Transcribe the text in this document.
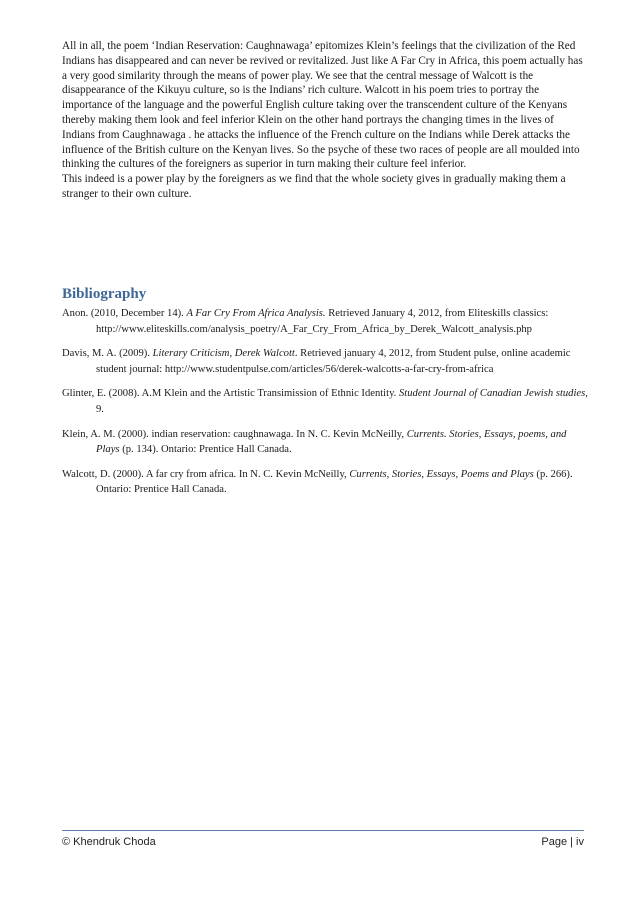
All in all, the poem ‘Indian Reservation: Caughnawaga’ epitomizes Klein’s feelings that the civilization of the Red Indians has disappeared and can never be revived or revitalized. Just like A Far Cry in Africa, this poem actually has a very good similarity through the means of power play. We see that the central message of Walcott is the disappearance of the Kikuyu culture, so is the Indians’ rich culture. Walcott in his poem tries to portray the importance of the language and the powerful English culture taking over the transcendent culture of the Kenyans thereby making them look and feel inferior Klein on the other hand portrays the changing times in the lives of Indians from Caughnawaga . he attacks the influence of the French culture on the Indians while Derek attacks the influence of the British culture on the Kenyan lives. So the psyche of these two races of people are all moulded into thinking the cultures of the foreigners as superior in turn making their culture feel inferior.

This indeed is a power play by the foreigners as we find that the whole society gives in gradually making them a stranger to their own culture.

Bibliography

Anon. (2010, December 14). A Far Cry From Africa Analysis. Retrieved January 4, 2012, from Eliteskills classics: http://www.eliteskills.com/analysis_poetry/A_Far_Cry_From_Africa_by_Derek_Walcott_analysis.php

Davis, M. A. (2009). Literary Criticism, Derek Walcott. Retrieved january 4, 2012, from Student pulse, online academic student journal: http://www.studentpulse.com/articles/56/derek-walcotts-a-far-cry-from-africa

Glinter, E. (2008). A.M Klein and the Artistic Transimission of Ethnic Identity. Student Journal of Canadian Jewish studies, 9.

Klein, A. M. (2000). indian reservation: caughnawaga. In N. C. Kevin McNeilly, Currents. Stories, Essays, poems, and Plays (p. 134). Ontario: Prentice Hall Canada.

Walcott, D. (2000). A far cry from africa. In N. C. Kevin McNeilly, Currents, Stories, Essays, Poems and Plays (p. 266). Ontario: Prentice Hall Canada.

© Khendruk Choda	Page | iv
